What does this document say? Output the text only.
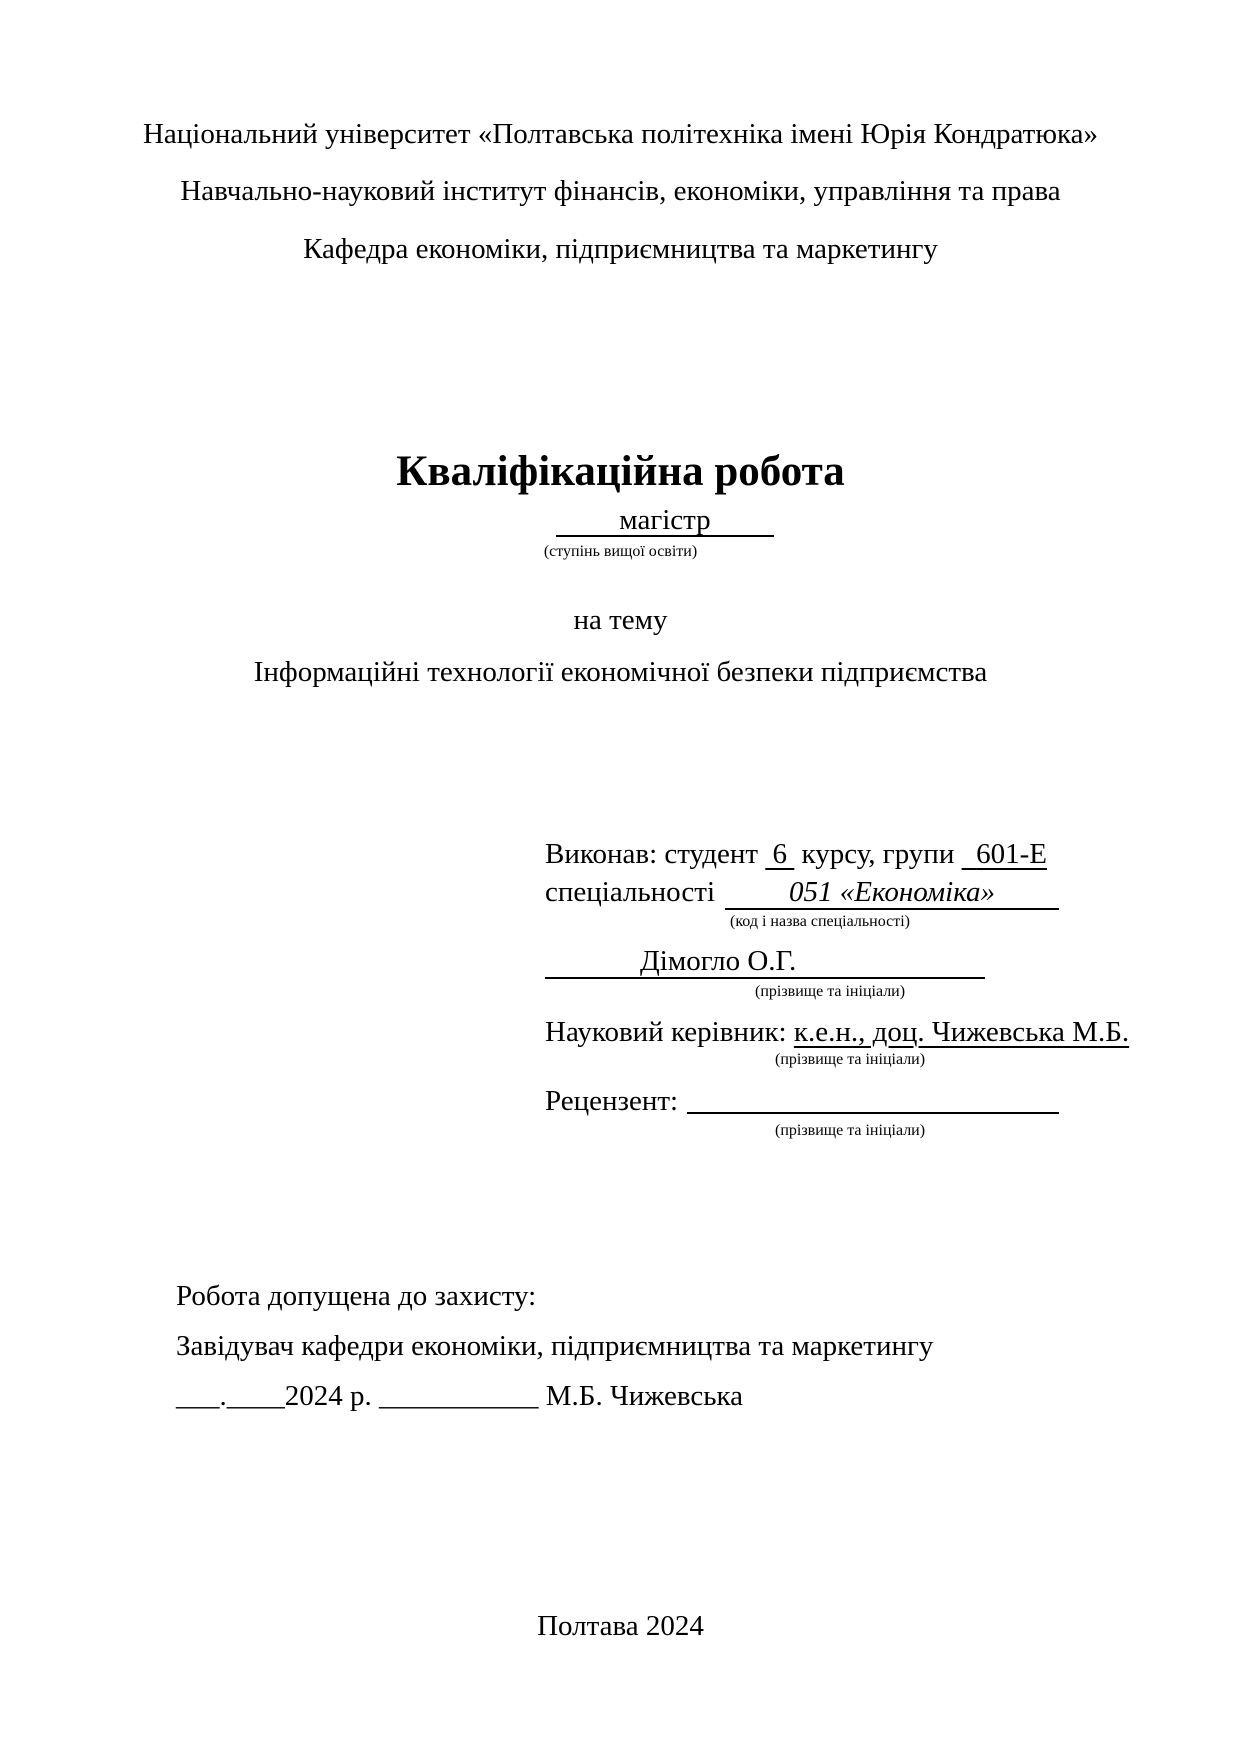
Національний університет «Полтавська політехніка імені Юрія Кондратюка»
Навчально-науковий інститут фінансів, економіки, управління та права
Кафедра економіки, підприємництва та маркетингу
Кваліфікаційна робота
магістр
(ступінь вищої освіти)
на тему
Інформаційні технології економічної безпеки підприємства
Виконав: студент 6 курсу, групи 601-Е
спеціальності	051 «Економіка»
(код і назва спеціальності)
Дімогло О.Г.
(прізвище та ініціали)
Науковий керівник: к.е.н., доц. Чижевська М.Б.
(прізвище та ініціали)
Рецензент:
(прізвище та ініціали)
Робота допущена до захисту:
Завідувач кафедри економіки, підприємництва та маркетингу
___.____2024 р. ___________ М.Б. Чижевська
Полтава 2024
